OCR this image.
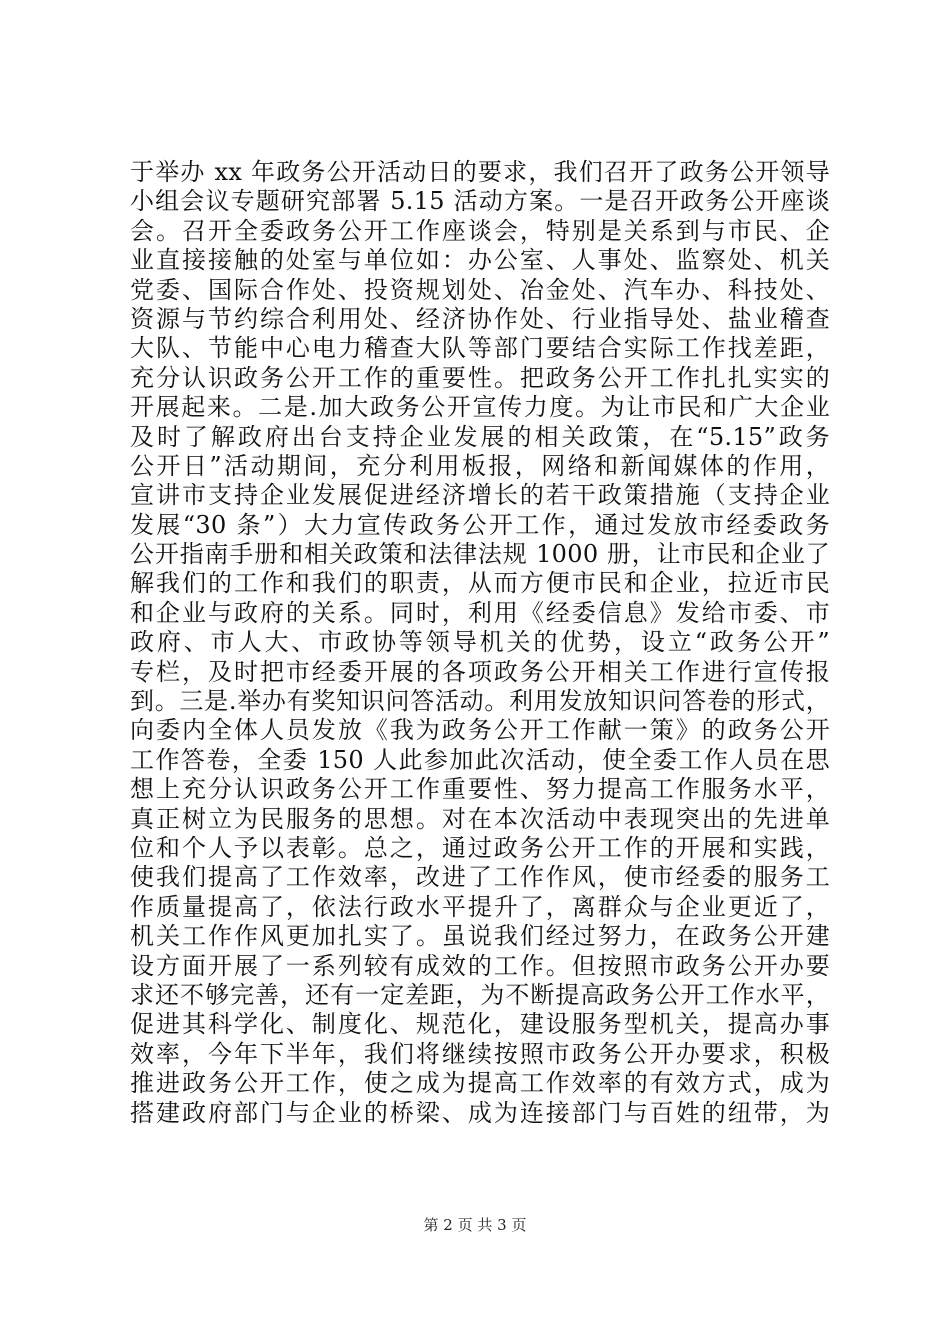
于举办 xx 年政务公开活动日的要求，我们召开了政务公开领导
小组会议专题研究部署 5.15 活动方案。一是召开政务公开座谈
会。召开全委政务公开工作座谈会，特别是关系到与市民、企
业直接接触的处室与单位如：办公室、人事处、监察处、机关
党委、国际合作处、投资规划处、冶金处、汽车办、科技处、
资源与节约综合利用处、经济协作处、行业指导处、盐业稽查
大队、节能中心电力稽查大队等部门要结合实际工作找差距，
充分认识政务公开工作的重要性。把政务公开工作扎扎实实的
开展起来。二是.加大政务公开宣传力度。为让市民和广大企业
及时了解政府出台支持企业发展的相关政策，在“5.15”政务
公开日”活动期间，充分利用板报，网络和新闻媒体的作用，
宣讲市支持企业发展促进经济增长的若干政策措施（支持企业
发展“30 条”）大力宣传政务公开工作，通过发放市经委政务
公开指南手册和相关政策和法律法规 1000 册，让市民和企业了
解我们的工作和我们的职责，从而方便市民和企业，拉近市民
和企业与政府的关系。同时，利用《经委信息》发给市委、市
政府、市人大、市政协等领导机关的优势，设立“政务公开”
专栏，及时把市经委开展的各项政务公开相关工作进行宣传报
到。三是.举办有奖知识问答活动。利用发放知识问答卷的形式，
向委内全体人员发放《我为政务公开工作献一策》的政务公开
工作答卷，全委 150 人此参加此次活动，使全委工作人员在思
想上充分认识政务公开工作重要性、努力提高工作服务水平，
真正树立为民服务的思想。对在本次活动中表现突出的先进单
位和个人予以表彰。总之，通过政务公开工作的开展和实践，
使我们提高了工作效率，改进了工作作风，使市经委的服务工
作质量提高了，依法行政水平提升了，离群众与企业更近了，
机关工作作风更加扎实了。虽说我们经过努力，在政务公开建
设方面开展了一系列较有成效的工作。但按照市政务公开办要
求还不够完善，还有一定差距，为不断提高政务公开工作水平，
促进其科学化、制度化、规范化，建设服务型机关，提高办事
效率，今年下半年，我们将继续按照市政务公开办要求，积极
推进政务公开工作，使之成为提高工作效率的有效方式，成为
搭建政府部门与企业的桥梁、成为连接部门与百姓的纽带，为
第 2 页 共 3 页
